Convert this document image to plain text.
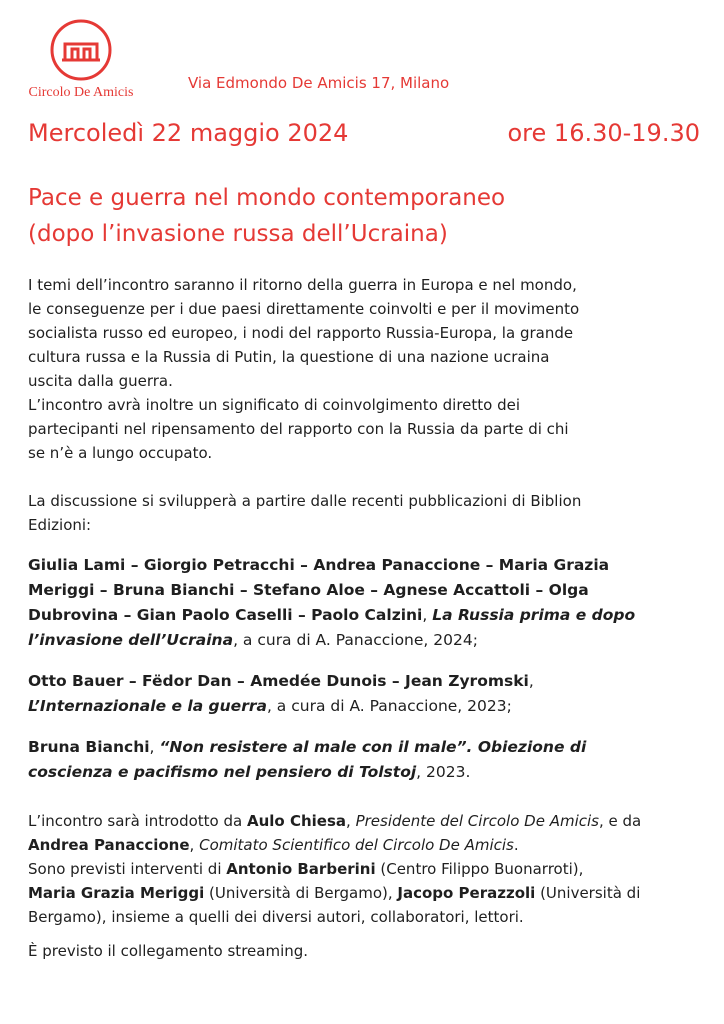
Circolo De Amicis
Via Edmondo De Amicis 17, Milano
Mercoledì 22 maggio 2024	ore 16.30-19.30
Pace e guerra nel mondo contemporaneo
(dopo l’invasione russa dell’Ucraina)

I temi dell’incontro saranno il ritorno della guerra in Europa e nel mondo,
le conseguenze per i due paesi direttamente coinvolti e per il movimento
socialista russo ed europeo, i nodi del rapporto Russia-Europa, la grande
cultura russa e la Russia di Putin, la questione di una nazione ucraina
uscita dalla guerra.

L’incontro avrà inoltre un significato di coinvolgimento diretto dei
partecipanti nel ripensamento del rapporto con la Russia da parte di chi
se n’è a lungo occupato.

La discussione si svilupperà a partire dalle recenti pubblicazioni di Biblion
Edizioni:

Giulia Lami – Giorgio Petracchi – Andrea Panaccione – Maria Grazia
Meriggi – Bruna Bianchi – Stefano Aloe – Agnese Accattoli – Olga
Dubrovina – Gian Paolo Caselli – Paolo Calzini, La Russia prima e dopo
l’invasione dell’Ucraina, a cura di A. Panaccione, 2024;

Otto Bauer – Fëdor Dan – Amedée Dunois – Jean Zyromski,
L’Internazionale e la guerra, a cura di A. Panaccione, 2023;

Bruna Bianchi, “Non resistere al male con il male”. Obiezione di
coscienza e pacifismo nel pensiero di Tolstoj, 2023.

L’incontro sarà introdotto da Aulo Chiesa, Presidente del Circolo De Amicis, e da
Andrea Panaccione, Comitato Scientifico del Circolo De Amicis.
Sono previsti interventi di Antonio Barberini (Centro Filippo Buonarroti),
Maria Grazia Meriggi (Università di Bergamo), Jacopo Perazzoli (Università di
Bergamo), insieme a quelli dei diversi autori, collaboratori, lettori.

È previsto il collegamento streaming.
